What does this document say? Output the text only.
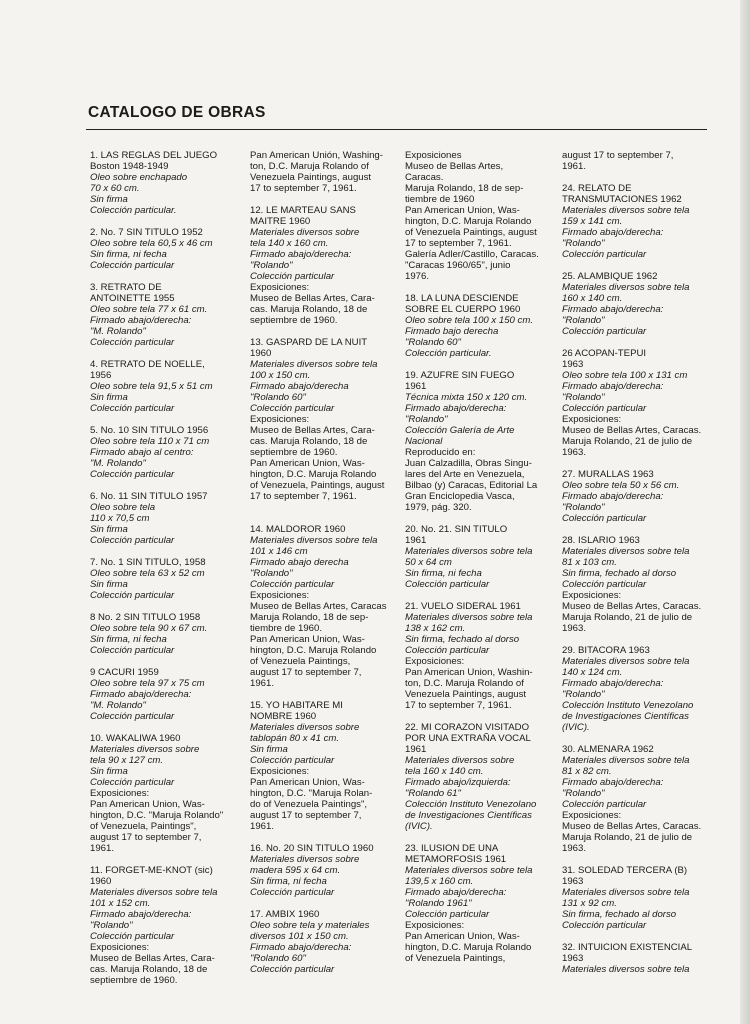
CATALOGO DE OBRAS
1. LAS REGLAS DEL JUEGO
Boston 1948-1949
Oleo sobre enchapado
70 x 60 cm.
Sin firma
Colección particular.
2. No. 7 SIN TITULO 1952
Oleo sobre tela 60,5 x 46 cm
Sin firma, ni fecha
Colección particular
3. RETRATO DE
ANTOINETTE 1955
Oleo sobre tela 77 x 61 cm.
Firmado abajo/derecha:
"M. Rolando"
Colección particular
4. RETRATO DE NOELLE,
1956
Oleo sobre tela 91,5 x 51 cm
Sin firma
Colección particular
5. No. 10 SIN TITULO 1956
Oleo sobre tela 110 x 71 cm
Firmado abajo al centro:
"M. Rolando"
Colección particular
6. No. 11 SIN TITULO 1957
Oleo sobre tela
110 x 70,5 cm
Sin firma
Colección particular
7. No. 1 SIN TITULO, 1958
Oleo sobre tela 63 x 52 cm
Sin firma
Colección particular
8 No. 2 SIN TITULO 1958
Oleo sobre tela 90 x 67 cm.
Sin firma, ni fecha
Colección particular
9 CACURI 1959
Oleo sobre tela 97 x 75 cm
Firmado abajo/derecha:
"M. Rolando"
Colección particular
10. WAKALIWA 1960
Materiales diversos sobre
tela 90 x 127 cm.
Sin firma
Colección particular
Exposiciones:
Pan American Union, Was-
hington, D.C. "Maruja Rolando"
of Venezuela, Paintings",
august 17 to september 7,
1961.
11. FORGET-ME-KNOT (sic)
1960
Materiales diversos sobre tela
101 x 152 cm.
Firmado abajo/derecha:
"Rolando"
Colección particular
Exposiciones:
Museo de Bellas Artes, Cara-
cas. Maruja Rolando, 18 de
septiembre de 1960.
Pan American Unión, Washing-
ton, D.C. Maruja Rolando of
Venezuela Paintings, august
17 to september 7, 1961.
12. LE MARTEAU SANS
MAITRE 1960
Materiales diversos sobre
tela 140 x 160 cm.
Firmado abajo/derecha:
"Rolando"
Colección particular
Exposiciones:
Museo de Bellas Artes, Cara-
cas. Maruja Rolando, 18 de
septiembre de 1960.
13. GASPARD DE LA NUIT
1960
Materiales diversos sobre tela
100 x 150 cm.
Firmado abajo/derecha
"Rolando 60"
Colección particular
Exposiciones:
Museo de Bellas Artes, Cara-
cas. Maruja Rolando, 18 de
septiembre de 1960.
Pan American Union, Was-
hington, D.C. Maruja Rolando
of Venezuela, Paintings, august
17 to september 7, 1961.
14. MALDOROR 1960
Materiales diversos sobre tela
101 x 146 cm
Firmado abajo derecha
"Rolando"
Colección particular
Exposiciones:
Museo de Bellas Artes, Caracas
Maruja Rolando, 18 de sep-
tiembre de 1960.
Pan American Union, Was-
hington, D.C. Maruja Rolando
of Venezuela Paintings,
august 17 to september 7,
1961.
15. YO HABITARE MI
NOMBRE 1960
Materiales diversos sobre
tablopán 80 x 41 cm.
Sin firma
Colección particular
Exposiciones:
Pan American Union, Was-
hington, D.C. "Maruja Rolan-
do of Venezuela Paintings",
august 17 to september 7,
1961.
16. No. 20 SIN TITULO 1960
Materiales diversos sobre
madera 595 x 64 cm.
Sin firma, ni fecha
Colección particular
17. AMBIX 1960
Oleo sobre tela y materiales
diversos 101 x 150 cm.
Firmado abajo/derecha:
"Rolando 60"
Colección particular
Exposiciones
Museo de Bellas Artes,
Caracas.
Maruja Rolando, 18 de sep-
tiembre de 1960
Pan American Union, Was-
hington, D.C. Maruja Rolando
of Venezuela Paintings, august
17 to september 7, 1961.
Galería Adler/Castillo, Caracas.
"Caracas 1960/65", junio
1976.
18. LA LUNA DESCIENDE
SOBRE EL CUERPO 1960
Oleo sobre tela 100 x 150 cm.
Firmado bajo derecha
"Rolando 60"
Colección particular.
19. AZUFRE SIN FUEGO
1961
Técnica mixta 150 x 120 cm.
Firmado abajo/derecha:
"Rolando"
Colección Galería de Arte
Nacional
Reproducido en:
Juan Calzadilla, Obras Singu-
lares del Arte en Venezuela,
Bilbao (y) Caracas, Editorial La
Gran Enciclopedia Vasca,
1979, pág. 320.
20. No. 21. SIN TITULO
1961
Materiales diversos sobre tela
50 x 64 cm
Sin firma, ni fecha
Colección particular
21. VUELO SIDERAL 1961
Materiales diversos sobre tela
138 x 162 cm.
Sin firma, fechado al dorso
Colección particular
Exposiciones:
Pan American Union, Washin-
ton, D.C. Maruja Rolando of
Venezuela Paintings, august
17 to september 7, 1961.
22. MI CORAZON VISITADO
POR UNA EXTRAÑA VOCAL
1961
Materiales diversos sobre
tela 160 x 140 cm.
Firmado abajo/izquierda:
"Rolando 61"
Colección Instituto Venezolano
de Investigaciones Científicas
(IVIC).
23. ILUSION DE UNA
METAMORFOSIS 1961
Materiales diversos sobre tela
139,5 x 160 cm.
Firmado abajo/derecha:
"Rolando 1961"
Colección particular
Exposiciones:
Pan American Union, Was-
hington, D.C. Maruja Rolando
of Venezuela Paintings,
august 17 to september 7,
1961.
24. RELATO DE
TRANSMUTACIONES 1962
Materiales diversos sobre tela
159 x 141 cm.
Firmado abajo/derecha:
"Rolando"
Colección particular
25. ALAMBIQUE 1962
Materiales diversos sobre tela
160 x 140 cm.
Firmado abajo/derecha:
"Rolando"
Colección particular
26 ACOPAN-TEPUI
1963
Oleo sobre tela 100 x 131 cm
Firmado abajo/derecha:
"Rolando"
Colección particular
Exposiciones:
Museo de Bellas Artes, Caracas.
Maruja Rolando, 21 de julio de
1963.
27. MURALLAS 1963
Oleo sobre tela 50 x 56 cm.
Firmado abajo/derecha:
"Rolando"
Colección particular
28. ISLARIO 1963
Materiales diversos sobre tela
81 x 103 cm.
Sin firma, fechado al dorso
Colección particular
Exposiciones:
Museo de Bellas Artes, Caracas.
Maruja Rolando, 21 de julio de
1963.
29. BITACORA 1963
Materiales diversos sobre tela
140 x 124 cm.
Firmado abajo/derecha:
"Rolando"
Colección Instituto Venezolano
de Investigaciones Científicas
(IVIC).
30. ALMENARA 1962
Materiales diversos sobre tela
81 x 82 cm.
Firmado abajo/derecha:
"Rolando"
Colección particular
Exposiciones:
Museo de Bellas Artes, Caracas.
Maruja Rolando, 21 de julio de
1963.
31. SOLEDAD TERCERA (B)
1963
Materiales diversos sobre tela
131 x 92 cm.
Sin firma, fechado al dorso
Colección particular
32. INTUICION EXISTENCIAL
1963
Materiales diversos sobre tela
